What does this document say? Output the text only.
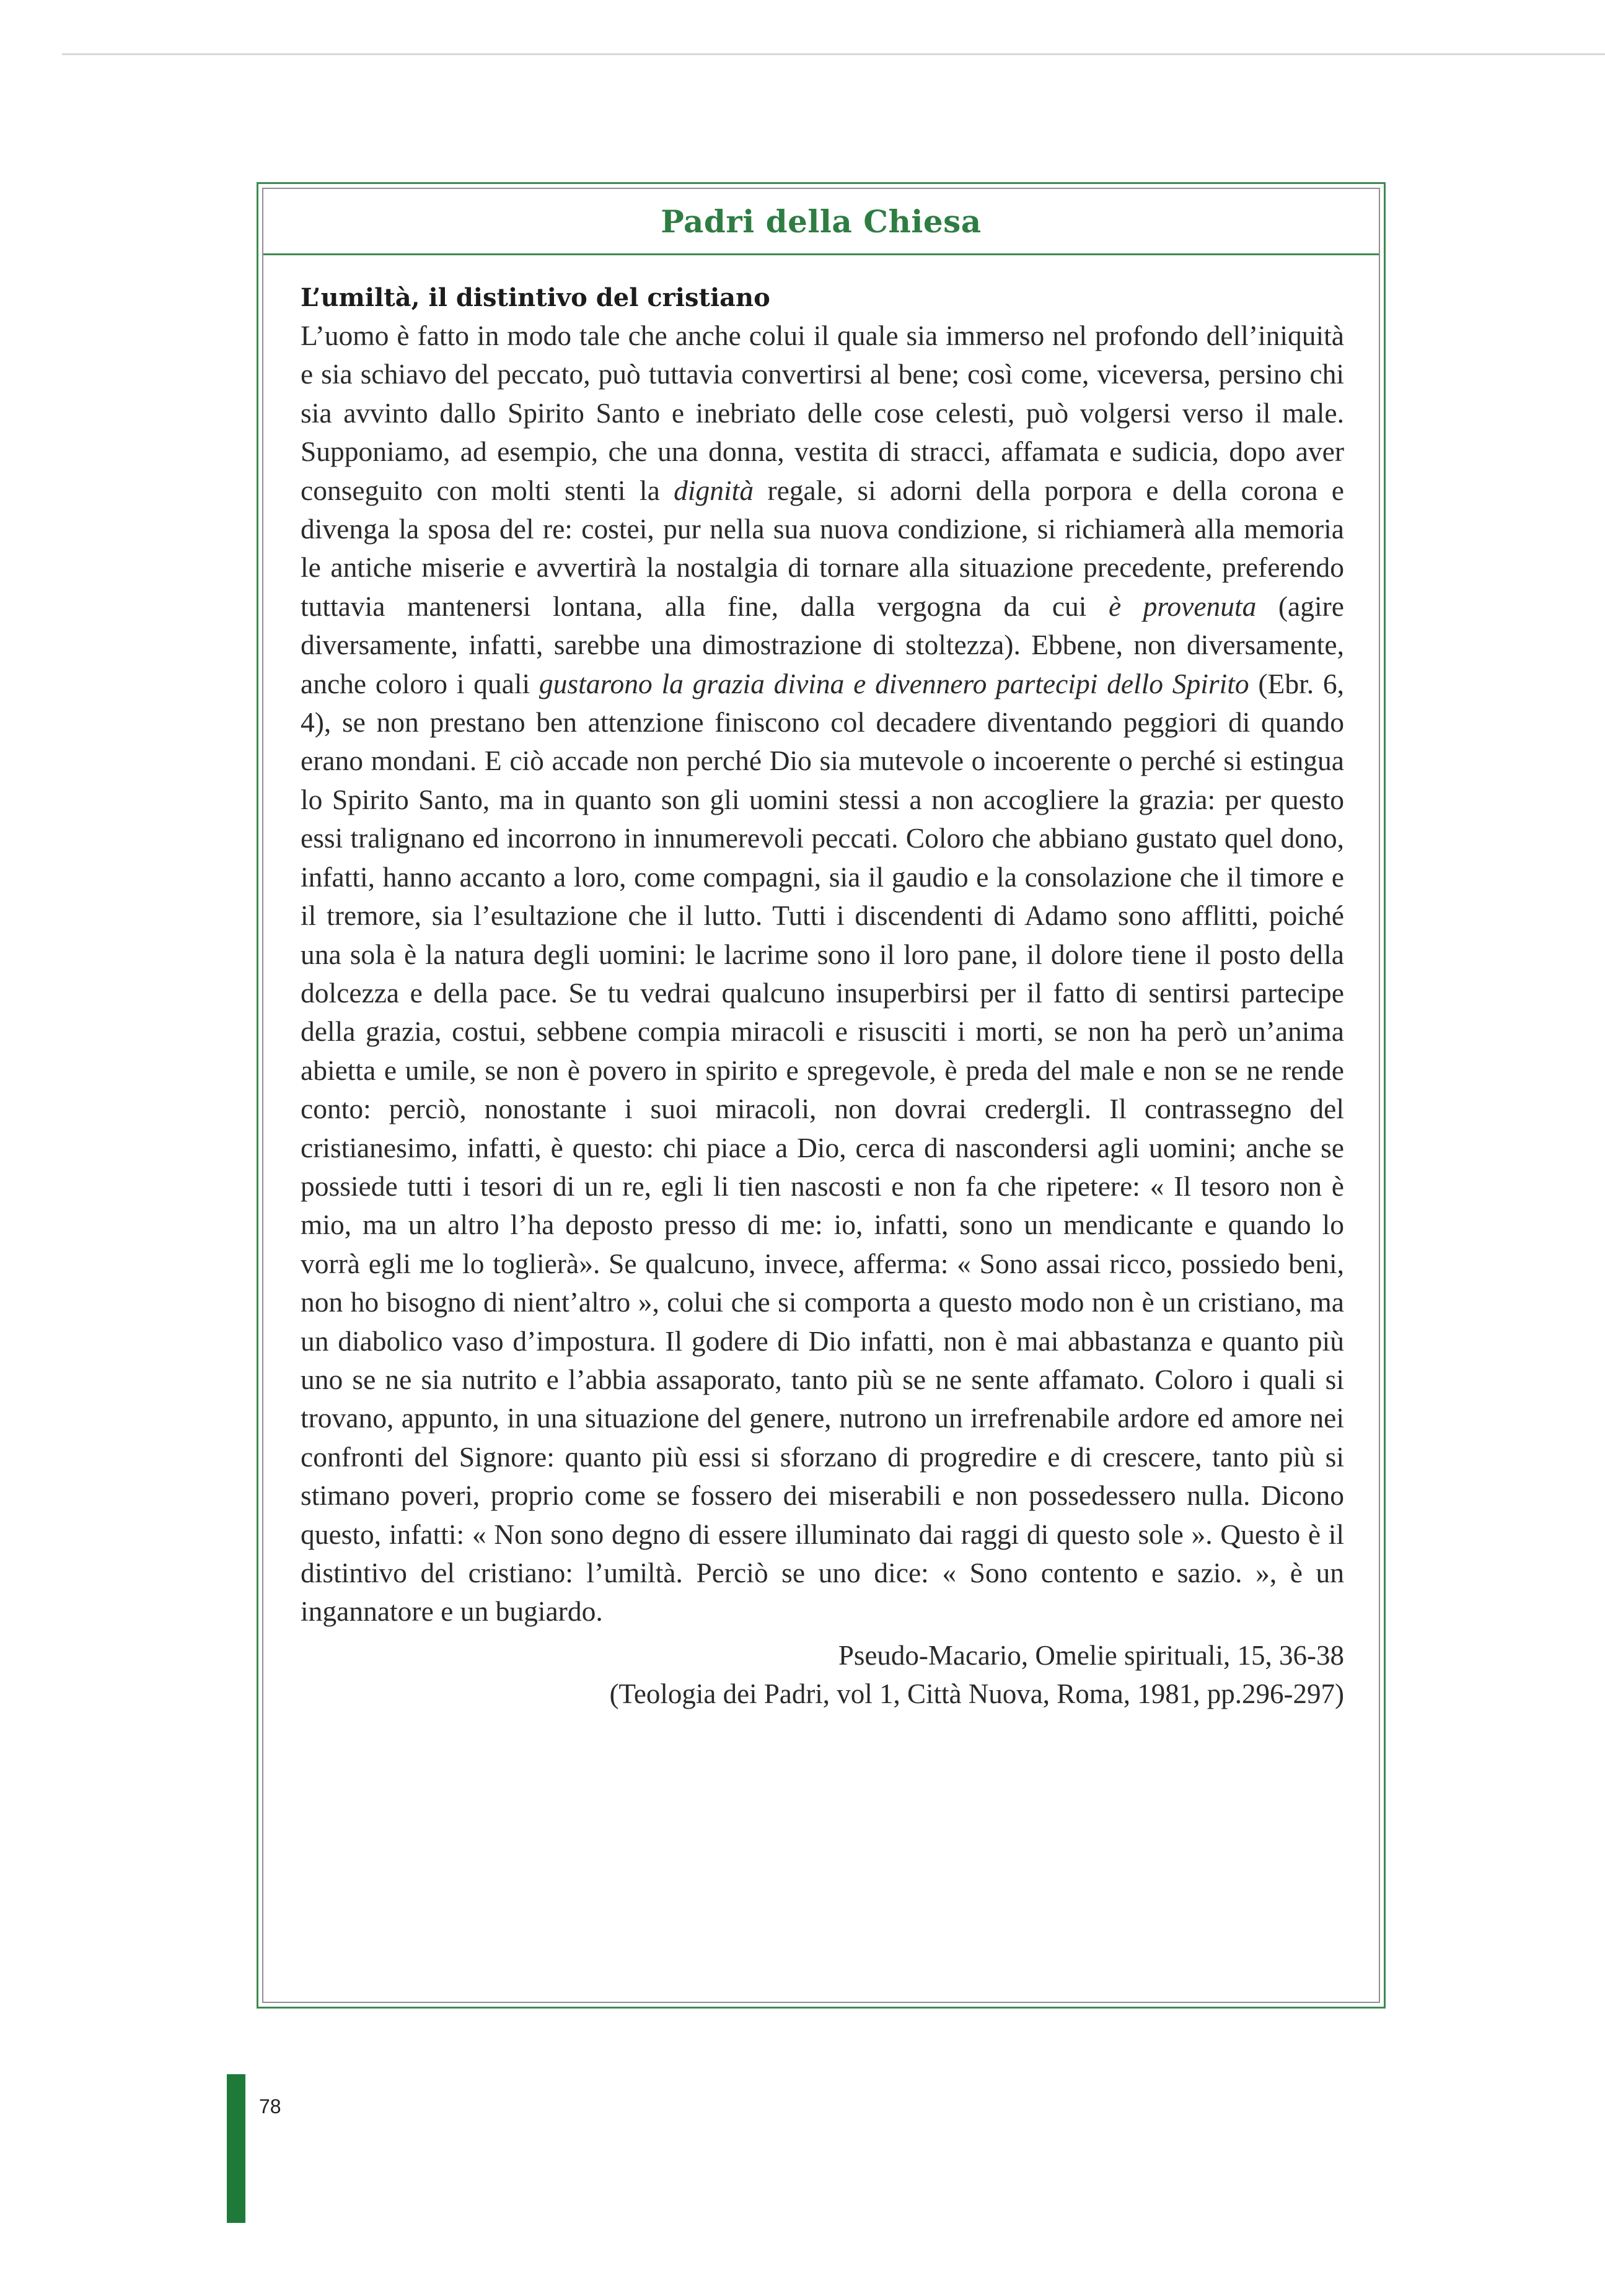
Padri della Chiesa

L’umiltà, il distintivo del cristiano

L’uomo è fatto in modo tale che anche colui il quale sia immerso nel profondo dell’iniquità e sia schiavo del peccato, può tuttavia convertirsi al bene; così come, viceversa, persino chi sia avvinto dallo Spirito Santo e inebriato delle cose celesti, può volgersi verso il male. Supponiamo, ad esempio, che una donna, vestita di stracci, affamata e sudicia, dopo aver conseguito con molti stenti la dignità regale, si adorni della porpora e della corona e divenga la sposa del re: costei, pur nella sua nuova condizione, si richiamerà alla memoria le antiche miserie e avvertirà la nostalgia di tornare alla situazione precedente, preferendo tuttavia mantenersi lontana, alla fine, dalla vergogna da cui è provenuta (agire diversamente, infatti, sarebbe una dimostrazione di stoltezza). Ebbene, non diversamente, anche coloro i quali gustarono la grazia divina e divennero partecipi dello Spirito (Ebr. 6, 4), se non prestano ben attenzione finiscono col decadere diventando peggiori di quando erano mondani. E ciò accade non perché Dio sia mutevole o incoerente o perché si estingua lo Spirito Santo, ma in quanto son gli uomini stessi a non accogliere la grazia: per questo essi tralignano ed incorrono in innumerevoli peccati. Coloro che abbiano gustato quel dono, infatti, hanno accanto a loro, come compagni, sia il gaudio e la consolazione che il timore e il tremore, sia l’esultazione che il lutto. Tutti i discendenti di Adamo sono afflitti, poiché una sola è la natura degli uomini: le lacrime sono il loro pane, il dolore tiene il posto della dolcezza e della pace. Se tu vedrai qualcuno insuperbirsi per il fatto di sentirsi partecipe della grazia, costui, sebbene compia miracoli e risusciti i morti, se non ha però un’anima abietta e umile, se non è povero in spirito e spregevole, è preda del male e non se ne rende conto: perciò, nonostante i suoi miracoli, non dovrai credergli. Il contrassegno del cristianesimo, infatti, è questo: chi piace a Dio, cerca di nascondersi agli uomini; anche se possiede tutti i tesori di un re, egli li tien nascosti e non fa che ripetere: « Il tesoro non è mio, ma un altro l’ha deposto presso di me: io, infatti, sono un mendicante e quando lo vorrà egli me lo toglierà». Se qualcuno, invece, afferma: « Sono assai ricco, possiedo beni, non ho bisogno di nient’altro », colui che si comporta a questo modo non è un cristiano, ma un diabolico vaso d’impostura. Il godere di Dio infatti, non è mai abbastanza e quanto più uno se ne sia nutrito e l’abbia assaporato, tanto più se ne sente affamato. Coloro i quali si trovano, appunto, in una situazione del genere, nutrono un irrefrenabile ardore ed amore nei confronti del Signore: quanto più essi si sforzano di progredire e di crescere, tanto più si stimano poveri, proprio come se fossero dei miserabili e non possedessero nulla. Dicono questo, infatti: « Non sono degno di essere illuminato dai raggi di questo sole ». Questo è il distintivo del cristiano: l’umiltà. Perciò se uno dice: « Sono contento e sazio. », è un ingannatore e un bugiardo.

Pseudo-Macario, Omelie spirituali, 15, 36-38
(Teologia dei Padri, vol 1, Città Nuova, Roma, 1981, pp.296-297)
78
